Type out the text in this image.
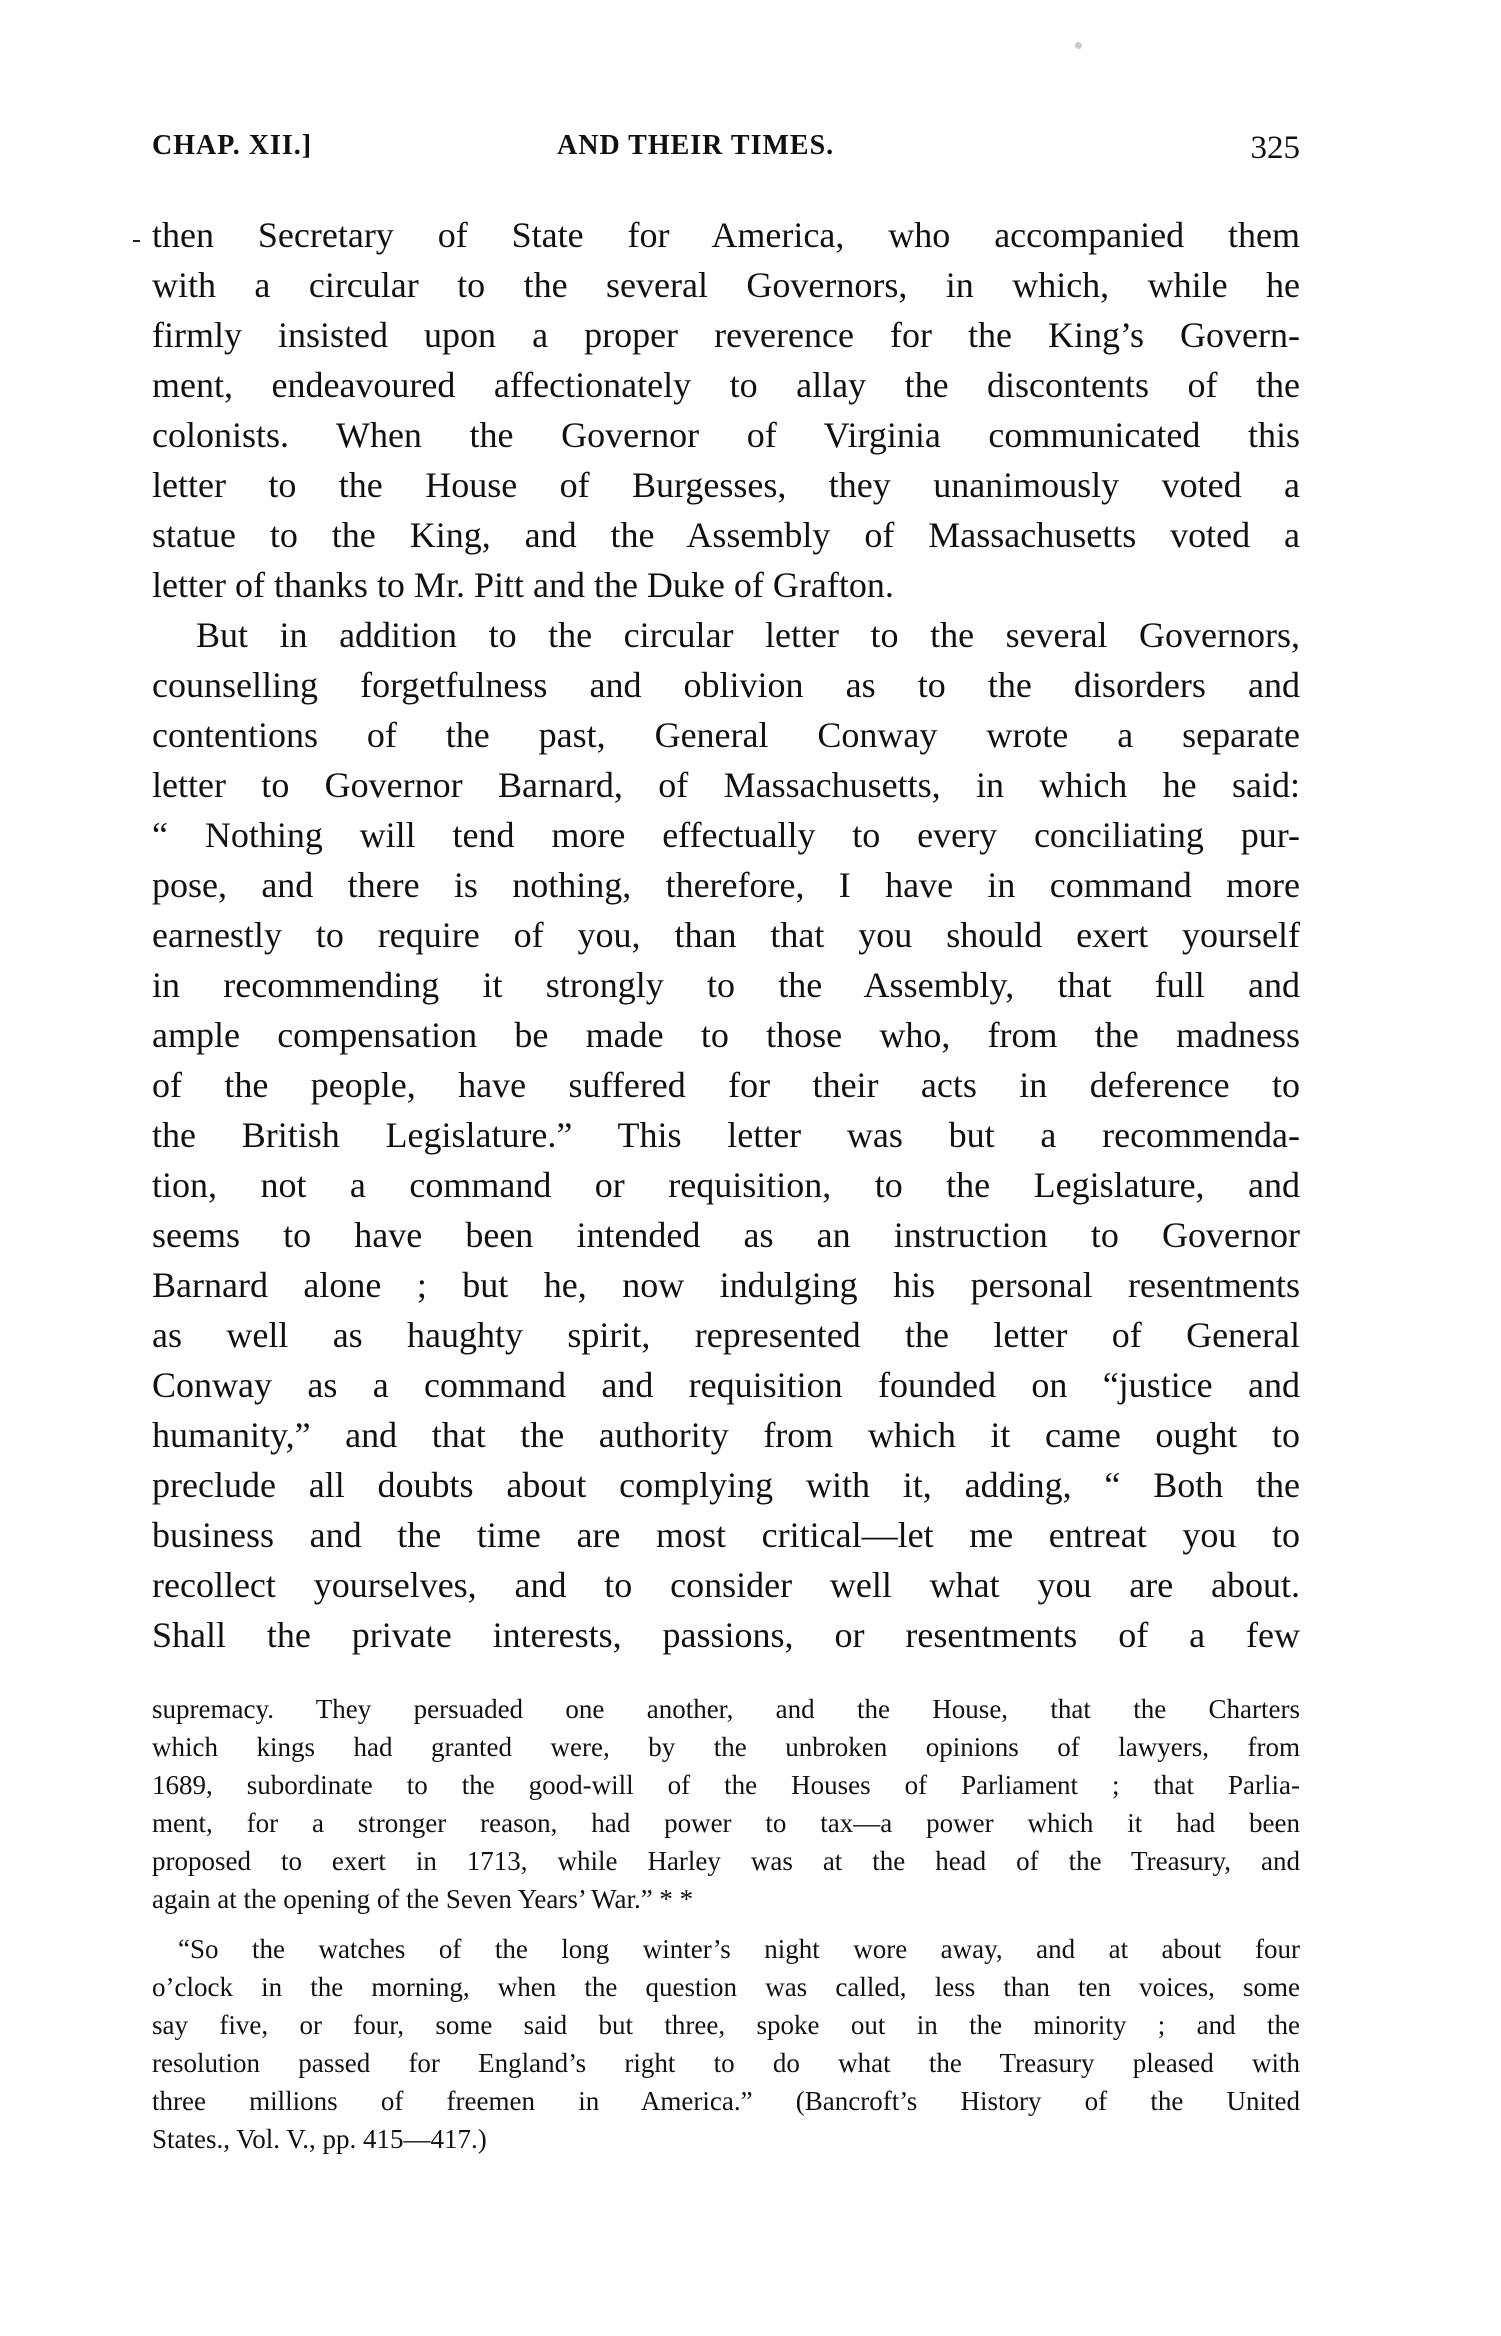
CHAP. XII.]	AND THEIR TIMES.	325
then Secretary of State for America, who accompanied them
with a circular to the several Governors, in which, while he
firmly insisted upon a proper reverence for the King’s Govern-
ment, endeavoured affectionately to allay the discontents of the
colonists. When the Governor of Virginia communicated this
letter to the House of Burgesses, they unanimously voted a
statue to the King, and the Assembly of Massachusetts voted a
letter of thanks to Mr. Pitt and the Duke of Grafton.
But in addition to the circular letter to the several Governors,
counselling forgetfulness and oblivion as to the disorders and
contentions of the past, General Conway wrote a separate
letter to Governor Barnard, of Massachusetts, in which he said:
“ Nothing will tend more effectually to every conciliating pur-
pose, and there is nothing, therefore, I have in command more
earnestly to require of you, than that you should exert yourself
in recommending it strongly to the Assembly, that full and
ample compensation be made to those who, from the madness
of the people, have suffered for their acts in deference to
the British Legislature.” This letter was but a recommenda-
tion, not a command or requisition, to the Legislature, and
seems to have been intended as an instruction to Governor
Barnard alone ; but he, now indulging his personal resentments
as well as haughty spirit, represented the letter of General
Conway as a command and requisition founded on “justice and
humanity,” and that the authority from which it came ought to
preclude all doubts about complying with it, adding, “ Both the
business and the time are most critical—let me entreat you to
recollect yourselves, and to consider well what you are about.
Shall the private interests, passions, or resentments of a few
supremacy. They persuaded one another, and the House, that the Charters
which kings had granted were, by the unbroken opinions of lawyers, from
1689, subordinate to the good-will of the Houses of Parliament ; that Parlia-
ment, for a stronger reason, had power to tax—a power which it had been
proposed to exert in 1713, while Harley was at the head of the Treasury, and
again at the opening of the Seven Years’ War.” * *
“So the watches of the long winter’s night wore away, and at about four
o’clock in the morning, when the question was called, less than ten voices, some
say five, or four, some said but three, spoke out in the minority ; and the
resolution passed for England’s right to do what the Treasury pleased with
three millions of freemen in America.” (Bancroft’s History of the United
States., Vol. V., pp. 415—417.)
